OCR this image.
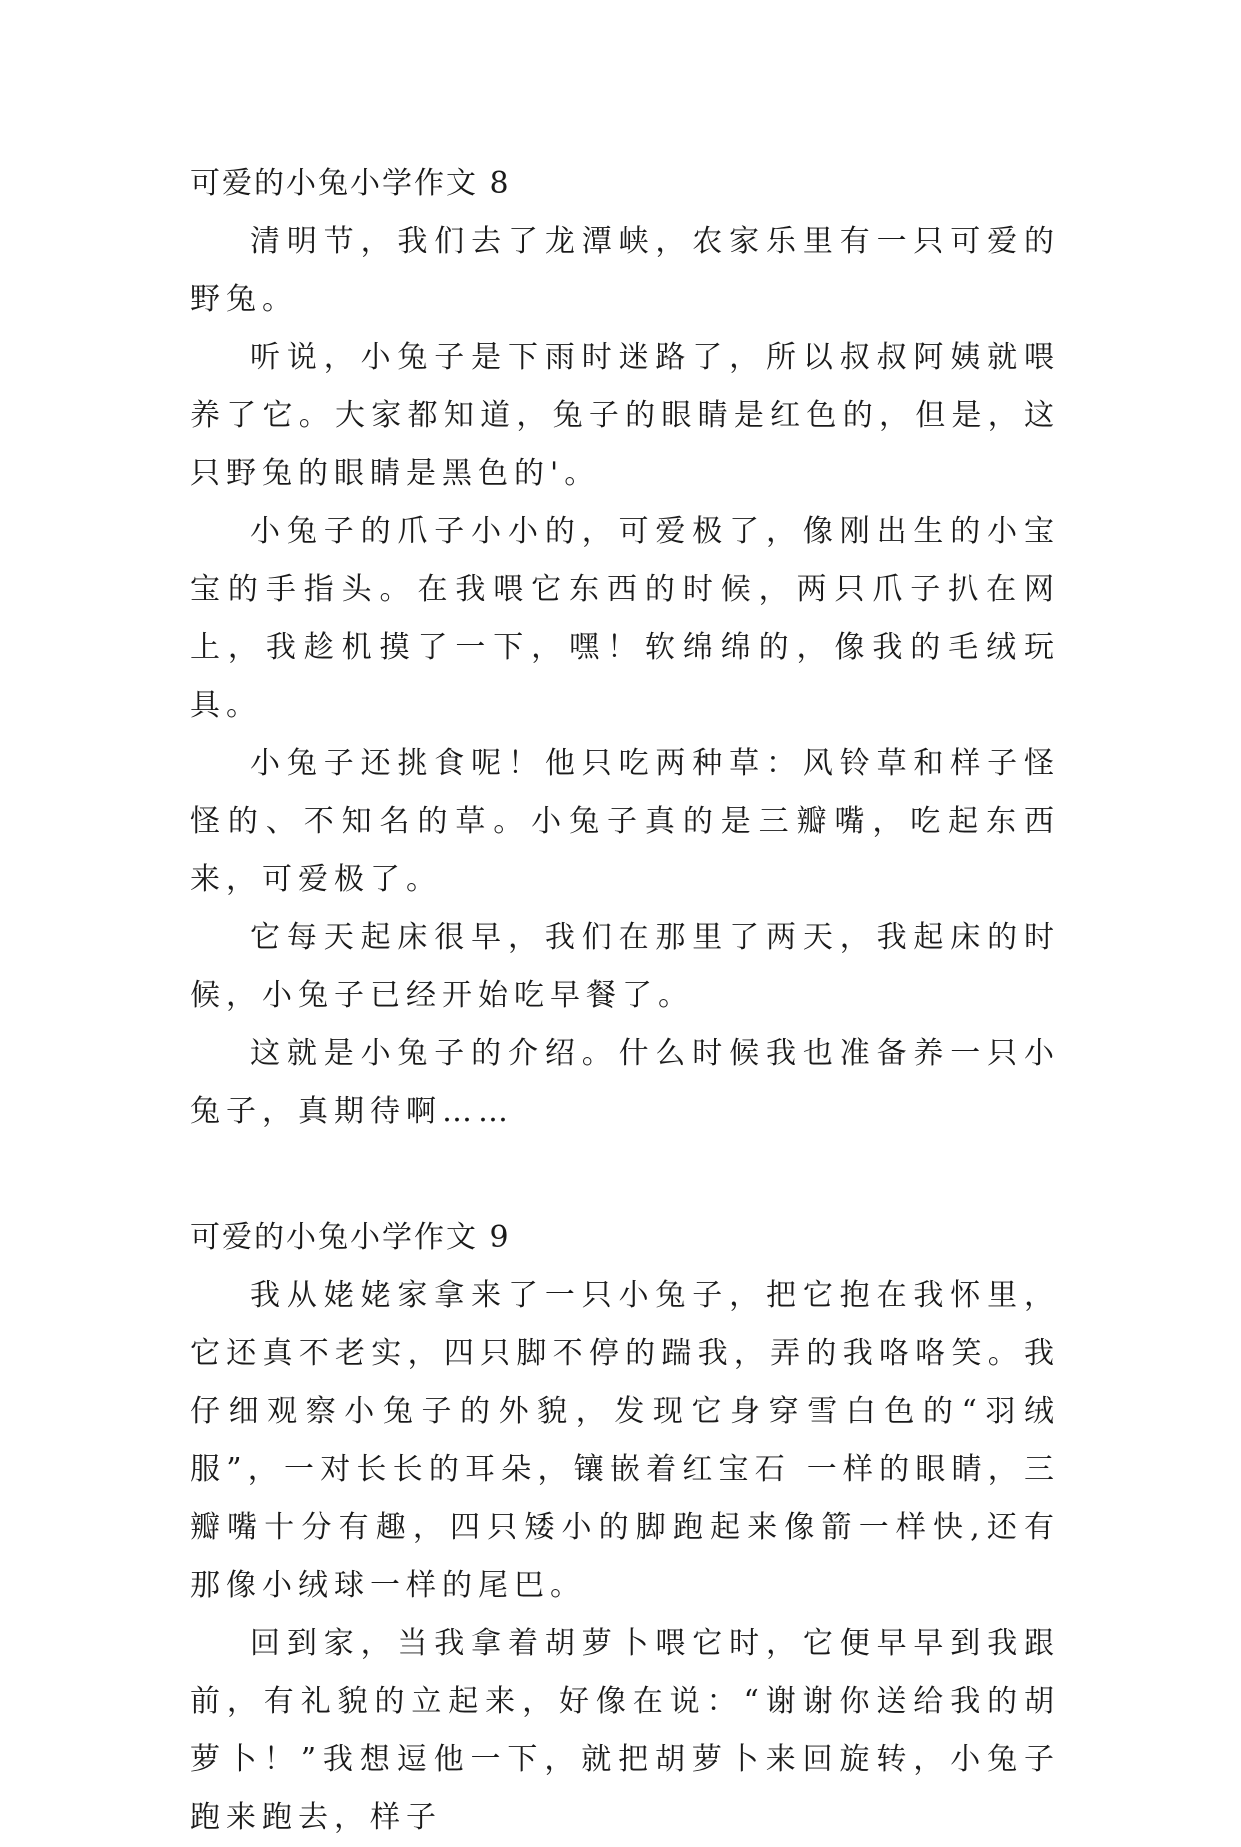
可爱的小兔小学作文 8

清明节，我们去了龙潭峡，农家乐里有一只可爱的野兔。

听说，小兔子是下雨时迷路了，所以叔叔阿姨就喂养了它。大家都知道，兔子的眼睛是红色的，但是，这只野兔的眼睛是黑色的'。

小兔子的爪子小小的，可爱极了，像刚出生的小宝宝的手指头。在我喂它东西的时候，两只爪子扒在网上，我趁机摸了一下，嘿！软绵绵的，像我的毛绒玩具。

小兔子还挑食呢！他只吃两种草：风铃草和样子怪怪的、不知名的草。小兔子真的是三瓣嘴，吃起东西来，可爱极了。

它每天起床很早，我们在那里了两天，我起床的时候，小兔子已经开始吃早餐了。

这就是小兔子的介绍。什么时候我也准备养一只小兔子，真期待啊……

可爱的小兔小学作文 9

我从姥姥家拿来了一只小兔子，把它抱在我怀里，它还真不老实，四只脚不停的踹我，弄的我咯咯笑。我仔细观察小兔子的外貌，发现它身穿雪白色的“羽绒服”，一对长长的耳朵，镶嵌着红宝石 一样的眼睛，三瓣嘴十分有趣，四只矮小的脚跑起来像箭一样快,还有那像小绒球一样的尾巴。

回到家，当我拿着胡萝卜喂它时，它便早早到我跟前，有礼貌的立起来，好像在说：“谢谢你送给我的胡萝卜！”我想逗他一下，就把胡萝卜来回旋转，小兔子跑来跑去，样子
